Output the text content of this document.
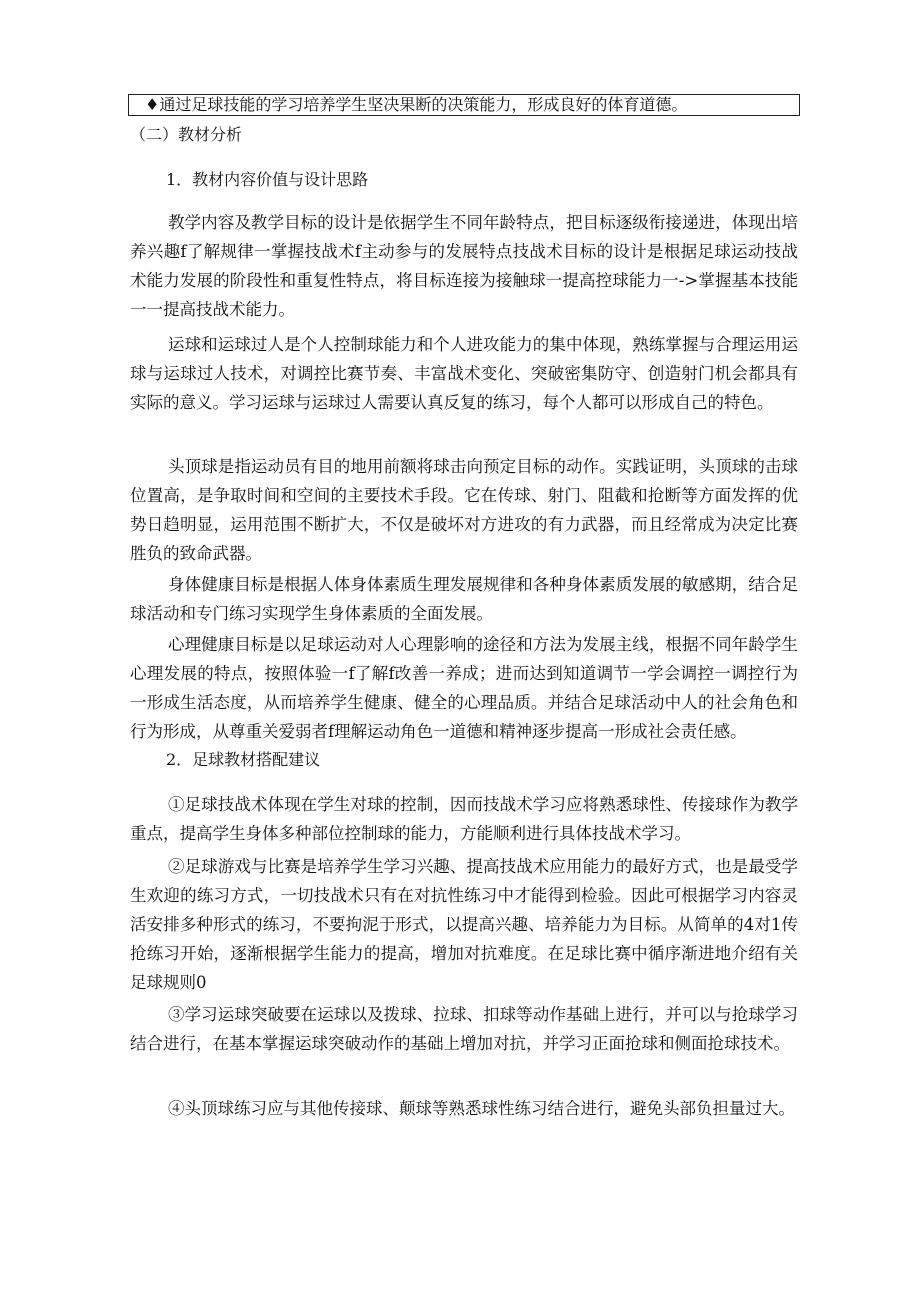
♦通过足球技能的学习培养学生坚决果断的决策能力，形成良好的体育道德。
（二）教材分析
1．教材内容价值与设计思路
教学内容及教学目标的设计是依据学生不同年龄特点，把目标逐级衔接递进，体现出培养兴趣f了解规律一掌握技战术f主动参与的发展特点技战术目标的设计是根据足球运动技战术能力发展的阶段性和重复性特点，将目标连接为接触球一提高控球能力一->掌握基本技能一一提高技战术能力。
运球和运球过人是个人控制球能力和个人进攻能力的集中体现，熟练掌握与合理运用运球与运球过人技术，对调控比赛节奏、丰富战术变化、突破密集防守、创造射门机会都具有实际的意义。学习运球与运球过人需要认真反复的练习，每个人都可以形成自己的特色。
头顶球是指运动员有目的地用前额将球击向预定目标的动作。实践证明，头顶球的击球位置高，是争取时间和空间的主要技术手段。它在传球、射门、阻截和抢断等方面发挥的优势日趋明显，运用范围不断扩大，不仅是破坏对方进攻的有力武器，而且经常成为决定比赛胜负的致命武器。
身体健康目标是根据人体身体素质生理发展规律和各种身体素质发展的敏感期，结合足球活动和专门练习实现学生身体素质的全面发展。
心理健康目标是以足球运动对人心理影响的途径和方法为发展主线，根据不同年龄学生心理发展的特点，按照体验一f了解f改善一养成；进而达到知道调节一学会调控一调控行为一形成生活态度，从而培养学生健康、健全的心理品质。并结合足球活动中人的社会角色和行为形成，从尊重关爱弱者f理解运动角色一道德和精神逐步提高一形成社会责任感。
2．足球教材搭配建议
①足球技战术体现在学生对球的控制，因而技战术学习应将熟悉球性、传接球作为教学重点，提高学生身体多种部位控制球的能力，方能顺利进行具体技战术学习。
②足球游戏与比赛是培养学生学习兴趣、提高技战术应用能力的最好方式，也是最受学生欢迎的练习方式，一切技战术只有在对抗性练习中才能得到检验。因此可根据学习内容灵活安排多种形式的练习，不要拘泥于形式，以提高兴趣、培养能力为目标。从简单的4对1传抢练习开始，逐渐根据学生能力的提高，增加对抗难度。在足球比赛中循序渐进地介绍有关足球规则0
③学习运球突破要在运球以及拨球、拉球、扣球等动作基础上进行，并可以与抢球学习结合进行，在基本掌握运球突破动作的基础上增加对抗，并学习正面抢球和侧面抢球技术。
④头顶球练习应与其他传接球、颠球等熟悉球性练习结合进行，避免头部负担量过大。
